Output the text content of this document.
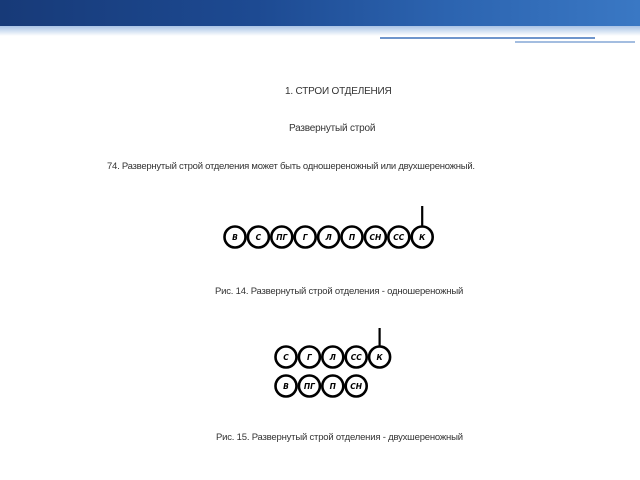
1. СТРОИ ОТДЕЛЕНИЯ
Развернутый строй
74. Развернутый строй отделения может быть одношереножный или двухшереножный.
В С ПГ Г Л П СН СС К
С Г Л СС К
В ПГ П СН
Рис. 14. Развернутый строй отделения - одношереножный
Рис. 15. Развернутый строй отделения - двухшереножный
